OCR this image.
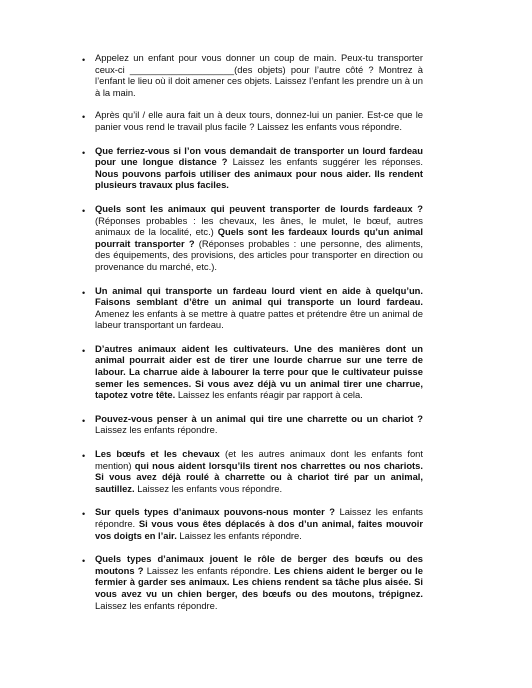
• Appelez un enfant pour vous donner un coup de main. Peux-tu transporter ceux-ci ____________________(des objets) pour l’autre côté ? Montrez à l’enfant le lieu où il doit amener ces objets. Laissez l’enfant les prendre un à un à la main.
• Après qu’il / elle aura fait un à deux tours, donnez-lui un panier. Est-ce que le panier vous rend le travail plus facile ? Laissez les enfants vous répondre.
• Que ferriez-vous si l’on vous demandait de transporter un lourd fardeau pour une longue distance ? Laissez les enfants suggérer les réponses. Nous pouvons parfois utiliser des animaux pour nous aider. Ils rendent plusieurs travaux plus faciles.
• Quels sont les animaux qui peuvent transporter de lourds fardeaux ? (Réponses probables : les chevaux, les ânes, le mulet, le bœuf, autres animaux de la localité, etc.) Quels sont les fardeaux lourds qu’un animal pourrait transporter ? (Réponses probables : une personne, des aliments, des équipements, des provisions, des articles pour transporter en direction ou provenance du marché, etc.).
• Un animal qui transporte un fardeau lourd vient en aide à quelqu’un. Faisons semblant d’être un animal qui transporte un lourd fardeau. Amenez les enfants à se mettre à quatre pattes et prétendre être un animal de labeur transportant un fardeau.
• D’autres animaux aident les cultivateurs. Une des manières dont un animal pourrait aider est de tirer une lourde charrue sur une terre de labour. La charrue aide à labourer la terre pour que le cultivateur puisse semer les semences. Si vous avez déjà vu un animal tirer une charrue, tapotez votre tête. Laissez les enfants réagir par rapport à cela.
• Pouvez-vous penser à un animal qui tire une charrette ou un chariot ? Laissez les enfants répondre.
• Les bœufs et les chevaux (et les autres animaux dont les enfants font mention) qui nous aident lorsqu’ils tirent nos charrettes ou nos chariots. Si vous avez déjà roulé à charrette ou à chariot tiré par un animal, sautillez. Laissez les enfants vous répondre.
• Sur quels types d’animaux pouvons-nous monter ? Laissez les enfants répondre. Si vous vous êtes déplacés à dos d’un animal, faites mouvoir vos doigts en l’air. Laissez les enfants répondre.
• Quels types d’animaux jouent le rôle de berger des bœufs ou des moutons ? Laissez les enfants répondre. Les chiens aident le berger ou le fermier à garder ses animaux. Les chiens rendent sa tâche plus aisée. Si vous avez vu un chien berger, des bœufs ou des moutons, trépignez. Laissez les enfants répondre.
